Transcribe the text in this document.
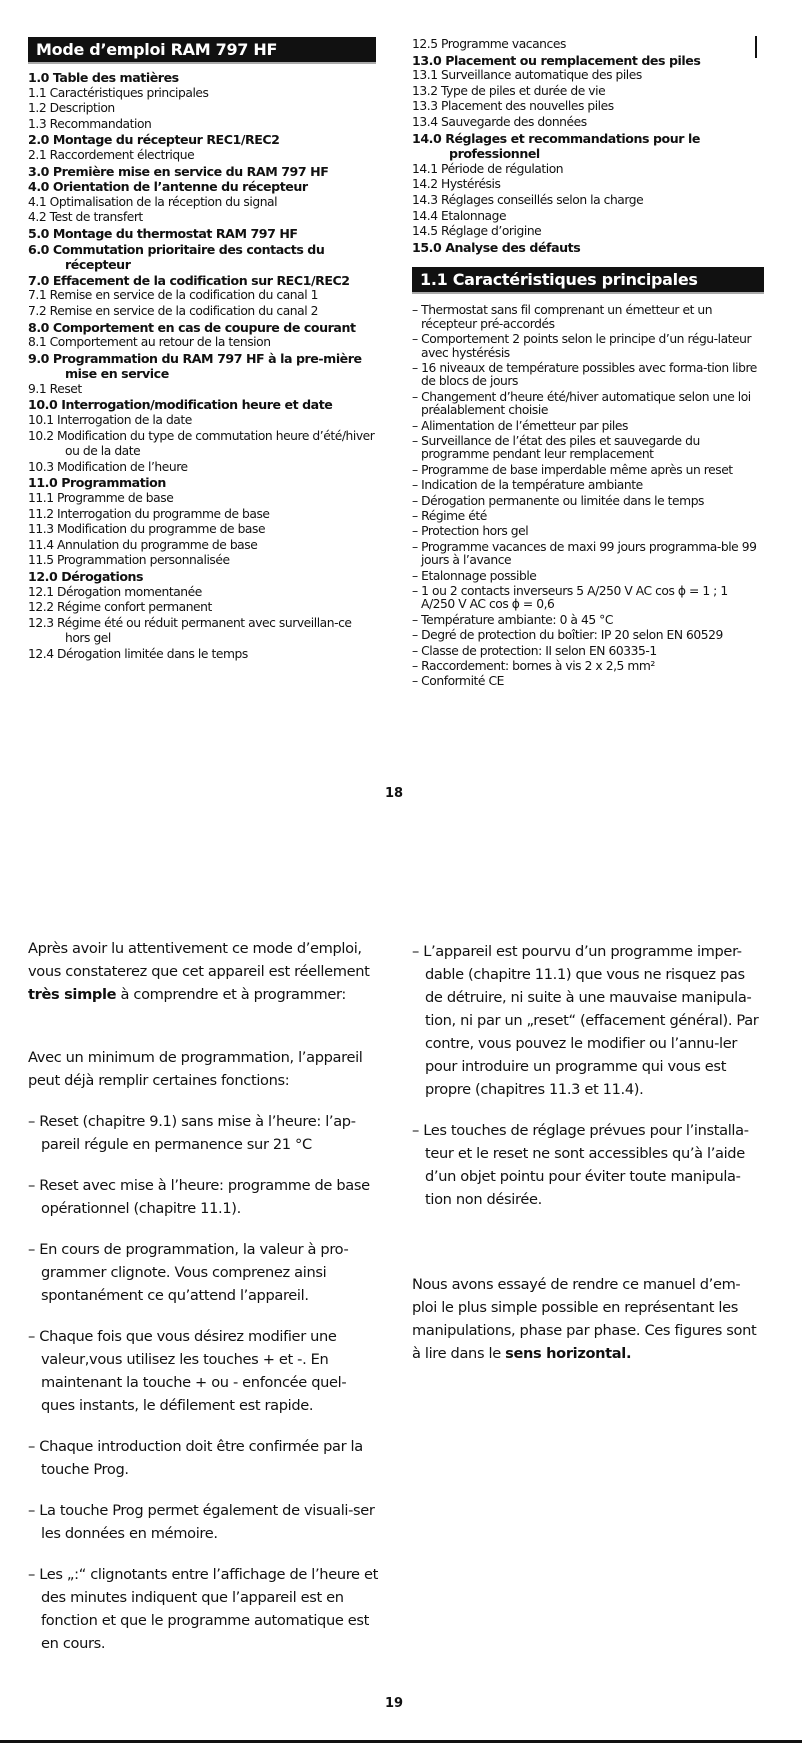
Mode d’emploi RAM 797 HF
1.0 Table des matières
1.1 Caractéristiques principales
1.2 Description
1.3 Recommandation
2.0 Montage du récepteur REC1/REC2
2.1 Raccordement électrique
3.0 Première mise en service du RAM 797 HF
4.0 Orientation de l’antenne du récepteur
4.1 Optimalisation de la réception du signal
4.2 Test de transfert
5.0 Montage du thermostat RAM 797 HF
6.0 Commutation prioritaire des contacts du récepteur
7.0 Effacement de la codification sur REC1/REC2
7.1 Remise en service de la codification du canal 1
7.2 Remise en service de la codification du canal 2
8.0 Comportement en cas de coupure de courant
8.1 Comportement au retour de la tension
9.0 Programmation du RAM 797 HF à la pre-mière mise en service
9.1 Reset
10.0 Interrogation/modification heure et date
10.1 Interrogation de la date
10.2 Modification du type de commutation heure d’été/hiver ou de la date
10.3 Modification de l’heure
11.0 Programmation
11.1 Programme de base
11.2 Interrogation du programme de base
11.3 Modification du programme de base
11.4 Annulation du programme de base
11.5 Programmation personnalisée
12.0 Dérogations
12.1 Dérogation momentanée
12.2 Régime confort permanent
12.3 Régime été ou réduit permanent avec surveillan-ce hors gel
12.4 Dérogation limitée dans le temps
12.5 Programme vacances
13.0 Placement ou remplacement des piles
13.1 Surveillance automatique des piles
13.2 Type de piles et durée de vie
13.3 Placement des nouvelles piles
13.4 Sauvegarde des données
14.0 Réglages et recommandations pour le professionnel
14.1 Période de régulation
14.2 Hystérésis
14.3 Réglages conseillés selon la charge
14.4 Etalonnage
14.5 Réglage d’origine
15.0 Analyse des défauts
1.1 Caractéristiques principales
– Thermostat sans fil comprenant un émetteur et un récepteur pré-accordés
– Comportement 2 points selon le principe d’un régu-lateur avec hystérésis
– 16 niveaux de température possibles avec forma-tion libre de blocs de jours
– Changement d’heure été/hiver automatique selon une loi préalablement choisie
– Alimentation de l’émetteur par piles
– Surveillance de l’état des piles et sauvegarde du programme pendant leur remplacement
– Programme de base imperdable même après un reset
– Indication de la température ambiante
– Dérogation permanente ou limitée dans le temps
– Régime été
– Protection hors gel
– Programme vacances de maxi 99 jours programma-ble 99 jours à l’avance
– Etalonnage possible
– 1 ou 2 contacts inverseurs 5 A/250 V AC cos ϕ = 1 ; 1 A/250 V AC cos ϕ = 0,6
– Température ambiante: 0 à 45 °C
– Degré de protection du boîtier: IP 20 selon EN 60529
– Classe de protection: II selon EN 60335-1
– Raccordement: bornes à vis 2 x 2,5 mm²
– Conformité CE
18

Après avoir lu attentivement ce mode d’emploi, vous constaterez que cet appareil est réellement très simple à comprendre et à programmer:

Avec un minimum de programmation, l’appareil peut déjà remplir certaines fonctions:

– Reset (chapitre 9.1) sans mise à l’heure: l’ap-pareil régule en permanence sur 21 °C

– Reset avec mise à l’heure: programme de base opérationnel (chapitre 11.1).

– En cours de programmation, la valeur à pro-grammer clignote. Vous comprenez ainsi spontanément ce qu’attend l’appareil.

– Chaque fois que vous désirez modifier une valeur,vous utilisez les touches + et -. En maintenant la touche + ou - enfoncée quel-ques instants, le défilement est rapide.

– Chaque introduction doit être confirmée par la touche Prog.

– La touche Prog permet également de visuali-ser les données en mémoire.

– Les „:“ clignotants entre l’affichage de l’heure et des minutes indiquent que l’appareil est en fonction et que le programme automatique est en cours.

– L’appareil est pourvu d’un programme imper-dable (chapitre 11.1) que vous ne risquez pas de détruire, ni suite à une mauvaise manipula-tion, ni par un „reset“ (effacement général). Par contre, vous pouvez le modifier ou l’annu-ler pour introduire un programme qui vous est propre (chapitres 11.3 et 11.4).

– Les touches de réglage prévues pour l’installa-teur et le reset ne sont accessibles qu’à l’aide d’un objet pointu pour éviter toute manipula-tion non désirée.

Nous avons essayé de rendre ce manuel d’em-ploi le plus simple possible en représentant les manipulations, phase par phase. Ces figures sont à lire dans le sens horizontal.

19
